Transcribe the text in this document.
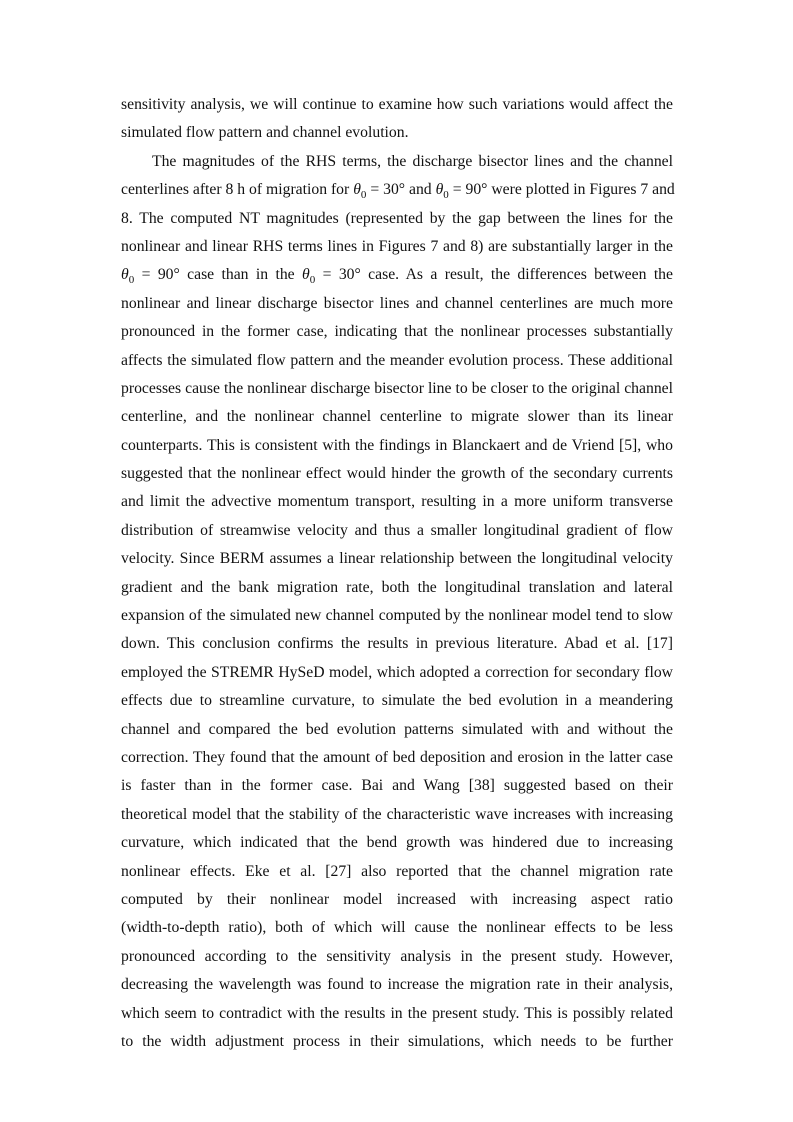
sensitivity analysis, we will continue to examine how such variations would affect the
simulated flow pattern and channel evolution.
The magnitudes of the RHS terms, the discharge bisector lines and the channel
centerlines after 8 h of migration for $\theta_0 = 30^\circ$ and $\theta_0 = 90^\circ$ were plotted in Figures 7 and
8. The computed NT magnitudes (represented by the gap between the lines for the
nonlinear and linear RHS terms lines in Figures 7 and 8) are substantially larger in the
$\theta_0 = 90^\circ$ case than in the $\theta_0 = 30^\circ$ case. As a result, the differences between the
nonlinear and linear discharge bisector lines and channel centerlines are much more
pronounced in the former case, indicating that the nonlinear processes substantially
affects the simulated flow pattern and the meander evolution process. These additional
processes cause the nonlinear discharge bisector line to be closer to the original channel
centerline, and the nonlinear channel centerline to migrate slower than its linear
counterparts. This is consistent with the findings in Blanckaert and de Vriend [5], who
suggested that the nonlinear effect would hinder the growth of the secondary currents
and limit the advective momentum transport, resulting in a more uniform transverse
distribution of streamwise velocity and thus a smaller longitudinal gradient of flow
velocity. Since BERM assumes a linear relationship between the longitudinal velocity
gradient and the bank migration rate, both the longitudinal translation and lateral
expansion of the simulated new channel computed by the nonlinear model tend to slow
down. This conclusion confirms the results in previous literature. Abad et al. [17]
employed the STREMR HySeD model, which adopted a correction for secondary flow
effects due to streamline curvature, to simulate the bed evolution in a meandering
channel and compared the bed evolution patterns simulated with and without the
correction. They found that the amount of bed deposition and erosion in the latter case
is faster than in the former case. Bai and Wang [38] suggested based on their
theoretical model that the stability of the characteristic wave increases with increasing
curvature, which indicated that the bend growth was hindered due to increasing
nonlinear effects. Eke et al. [27] also reported that the channel migration rate
computed by their nonlinear model increased with increasing aspect ratio
(width-to-depth ratio), both of which will cause the nonlinear effects to be less
pronounced according to the sensitivity analysis in the present study. However,
decreasing the wavelength was found to increase the migration rate in their analysis,
which seem to contradict with the results in the present study. This is possibly related
to the width adjustment process in their simulations, which needs to be further
